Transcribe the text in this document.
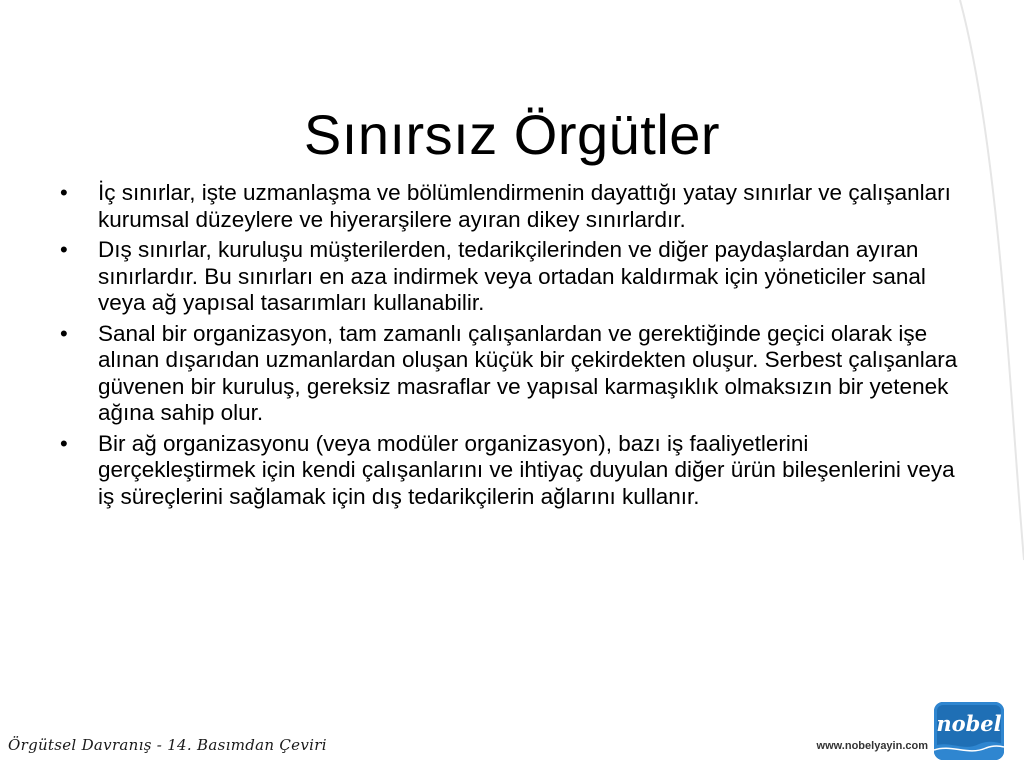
Sınırsız Örgütler
• İç sınırlar, işte uzmanlaşma ve bölümlendirmenin dayattığı yatay sınırlar ve çalışanları kurumsal düzeylere ve hiyerarşilere ayıran dikey sınırlardır.
• Dış sınırlar, kuruluşu müşterilerden, tedarikçilerinden ve diğer paydaşlardan ayıran sınırlardır. Bu sınırları en aza indirmek veya ortadan kaldırmak için yöneticiler sanal veya ağ yapısal tasarımları kullanabilir.
• Sanal bir organizasyon, tam zamanlı çalışanlardan ve gerektiğinde geçici olarak işe alınan dışarıdan uzmanlardan oluşan küçük bir çekirdekten oluşur. Serbest çalışanlara güvenen bir kuruluş, gereksiz masraflar ve yapısal karmaşıklık olmaksızın bir yetenek ağına sahip olur.
• Bir ağ organizasyonu (veya modüler organizasyon), bazı iş faaliyetlerini gerçekleştirmek için kendi çalışanlarını ve ihtiyaç duyulan diğer ürün bileşenlerini veya iş süreçlerini sağlamak için dış tedarikçilerin ağlarını kullanır.
Örgütsel Davranış - 14. Basımdan Çeviri	www.nobelyayin.com
nobel
